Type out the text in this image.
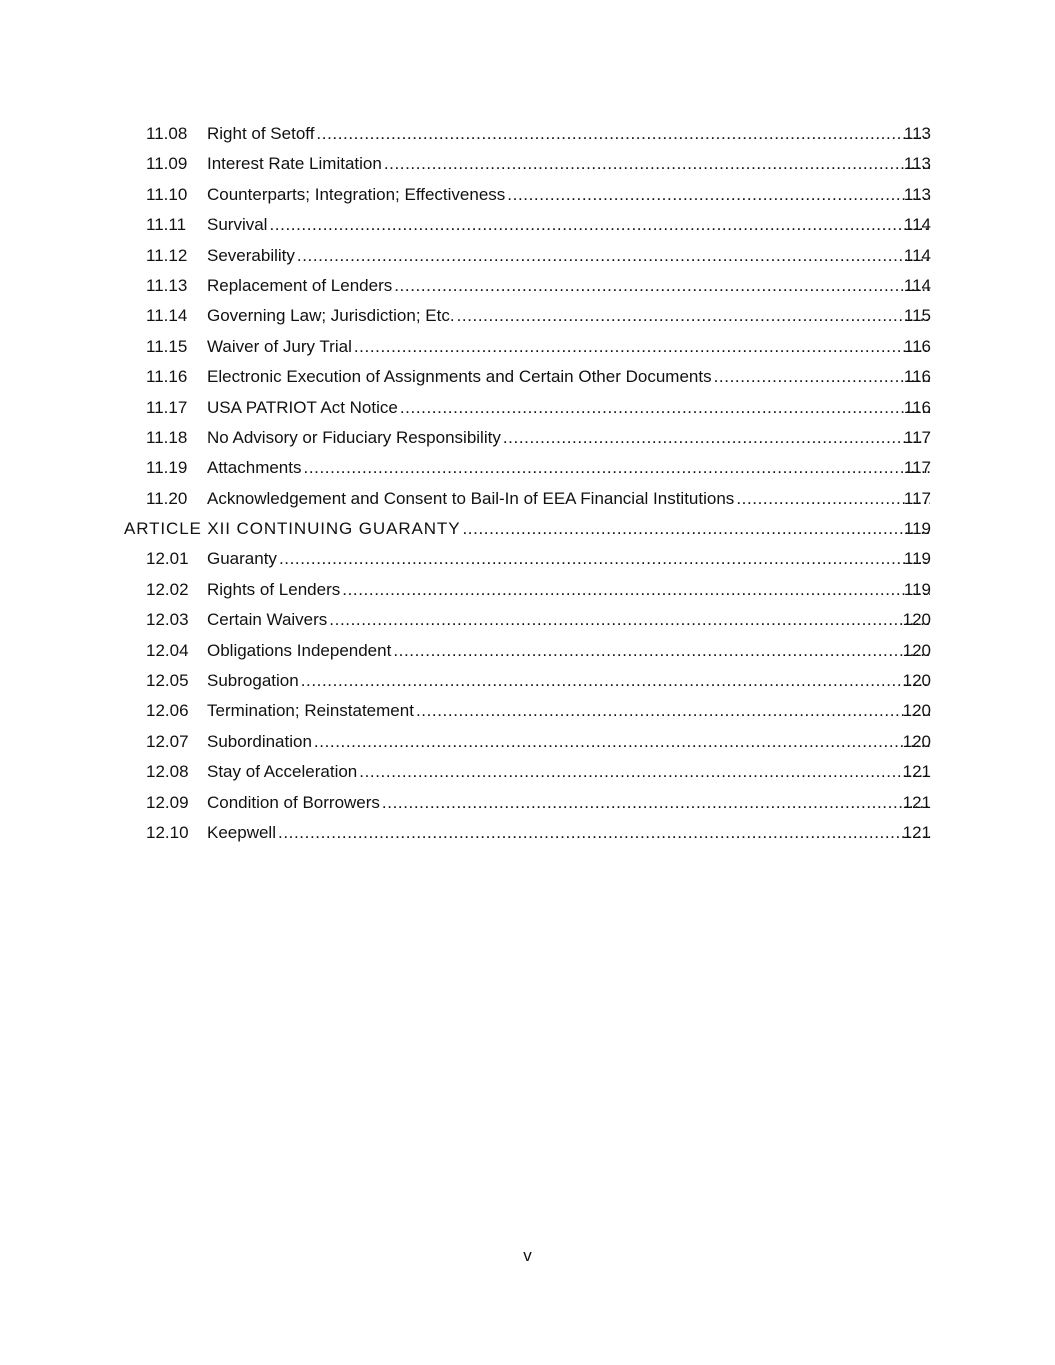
11.08	Right of Setoff .....	113
11.09	Interest Rate Limitation .....	113
11.10	Counterparts; Integration; Effectiveness .....	113
11.11	Survival .....	114
11.12	Severability .....	114
11.13	Replacement of Lenders .....	114
11.14	Governing Law; Jurisdiction; Etc. .....	115
11.15	Waiver of Jury Trial .....	116
11.16	Electronic Execution of Assignments and Certain Other Documents .....	116
11.17	USA PATRIOT Act Notice .....	116
11.18	No Advisory or Fiduciary Responsibility .....	117
11.19	Attachments .....	117
11.20	Acknowledgement and Consent to Bail-In of EEA Financial Institutions .....	117
ARTICLE XII CONTINUING GUARANTY .....	119
12.01	Guaranty .....	119
12.02	Rights of Lenders .....	119
12.03	Certain Waivers .....	120
12.04	Obligations Independent .....	120
12.05	Subrogation .....	120
12.06	Termination; Reinstatement .....	120
12.07	Subordination .....	120
12.08	Stay of Acceleration .....	121
12.09	Condition of Borrowers .....	121
12.10	Keepwell .....	121
v
